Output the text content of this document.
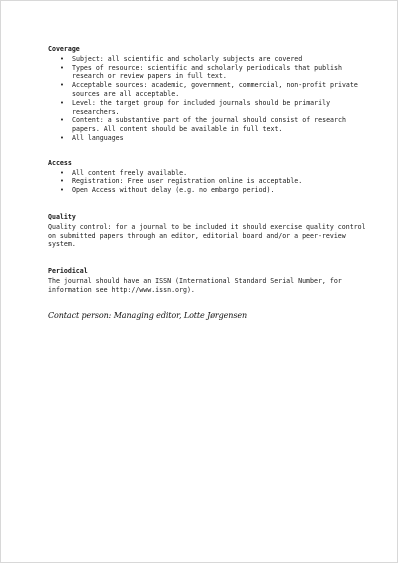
Coverage
• Subject: all scientific and scholarly subjects are covered
• Types of resource: scientific and scholarly periodicals that publish research or review papers in full text.
• Acceptable sources: academic, government, commercial, non-profit private sources are all acceptable.
• Level: the target group for included journals should be primarily researchers.
• Content: a substantive part of the journal should consist of research papers. All content should be available in full text.
• All languages
Access
• All content freely available.
• Registration: Free user registration online is acceptable.
• Open Access without delay (e.g. no embargo period).
Quality

Quality control: for a journal to be included it should exercise quality control on submitted papers through an editor, editorial board and/or a peer-review system.

Periodical

The journal should have an ISSN (International Standard Serial Number, for information see http://www.issn.org).

Contact person: Managing editor, Lotte Jørgensen
